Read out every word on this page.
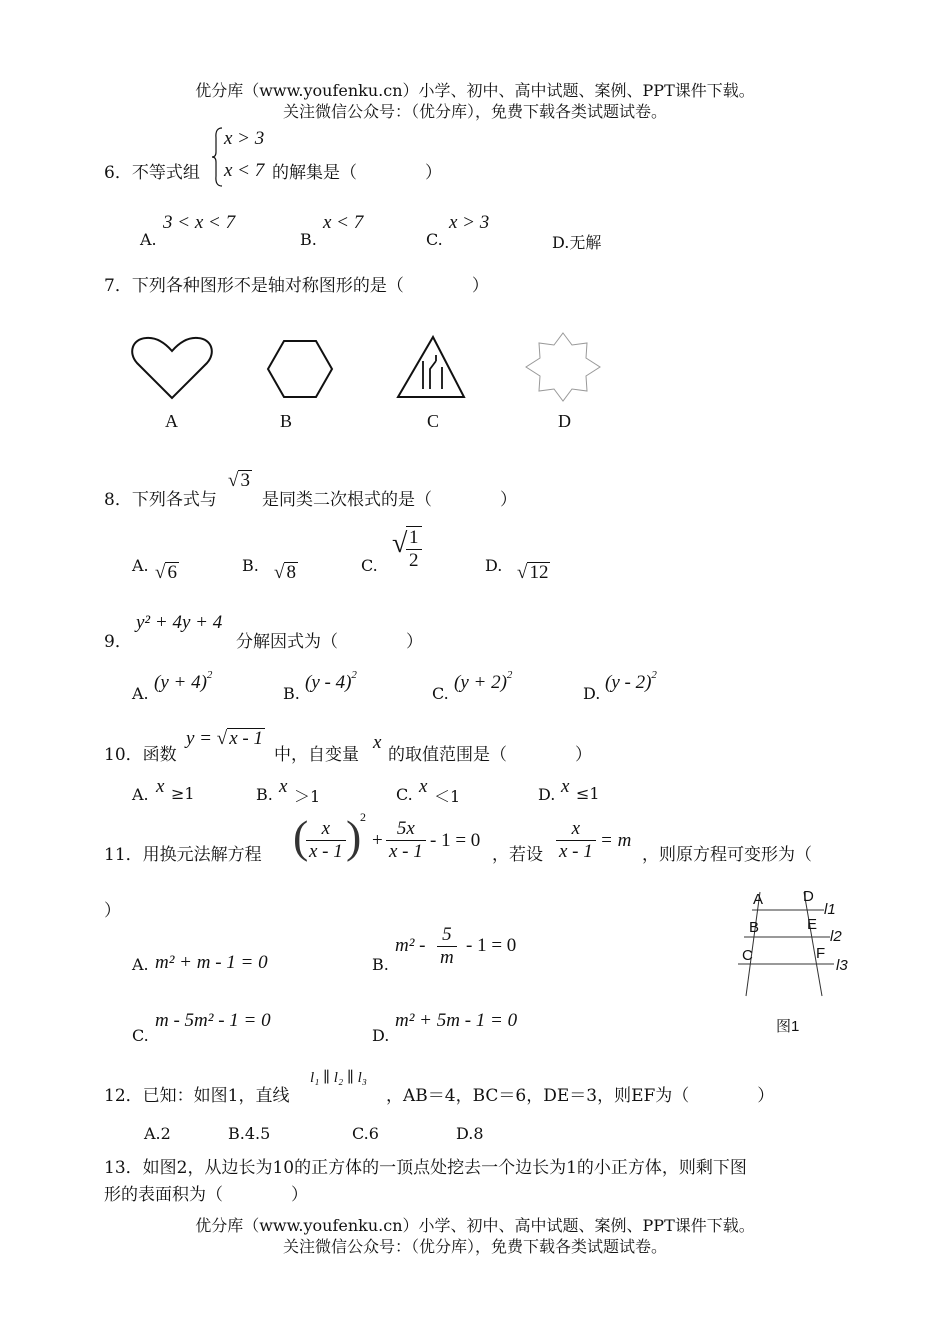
优分库（www.youfenku.cn）小学、初中、高中试题、案例、PPT课件下载。
关注微信公众号：（优分库），免费下载各类试题试卷。
x > 3
x < 7
6．不等式组	的解集是（　　　　）
A.
3 < x < 7
B.
x < 7
C.
x > 3
D.无解
7．下列各种图形不是轴对称图形的是（　　　　）
A	B	C	D
8．下列各式与
√ 3
是同类二次根式的是（　　　　）
A. √ 6	B. √ 8	C.
√
$\frac{1}{2}$	D. √ 12
9．
y² + 4y + 4
分解因式为（　　　　）
A.
$(y + 4)^2$
B.
(y - 4)$^2$
C.
$(y + 2)^2$
D.
(y - 2)$^2$
10．函数
y = √ x - 1
中，自变量
x
的取值范围是（　　　　）
A. x ≥1	B. x ＞1	C. x ＜1	D. x ≤1
11．用换元法解方程 (
$\frac{x}{x - 1}$ )
2
+ $\frac{5x}{x - 1} - 1 = 0$
，若设 $\frac{x}{x - 1} = m$
，则原方程可变形为（
）
A. m² + m - 1 = 0	B.
$m^2 - \frac{5}{m} - 1 = 0$
C.
m - 5m² - 1 = 0
D.
m² + 5m - 1 = 0
A	D
B	E
C	F
l1
l2
l3
图1
12．已知：如图1，直线
l₁ ∥ l₂ ∥ l₃
，AB＝4，BC＝6，DE＝3，则EF为（　　　　）
A.2	B.4.5	C.6	D.8
13．如图2，从边长为10的正方体的一顶点处挖去一个边长为1的小正方体，则剩下图
形的表面积为（　　　　）
优分库（www.youfenku.cn）小学、初中、高中试题、案例、PPT课件下载。
关注微信公众号：（优分库），免费下载各类试题试卷。
